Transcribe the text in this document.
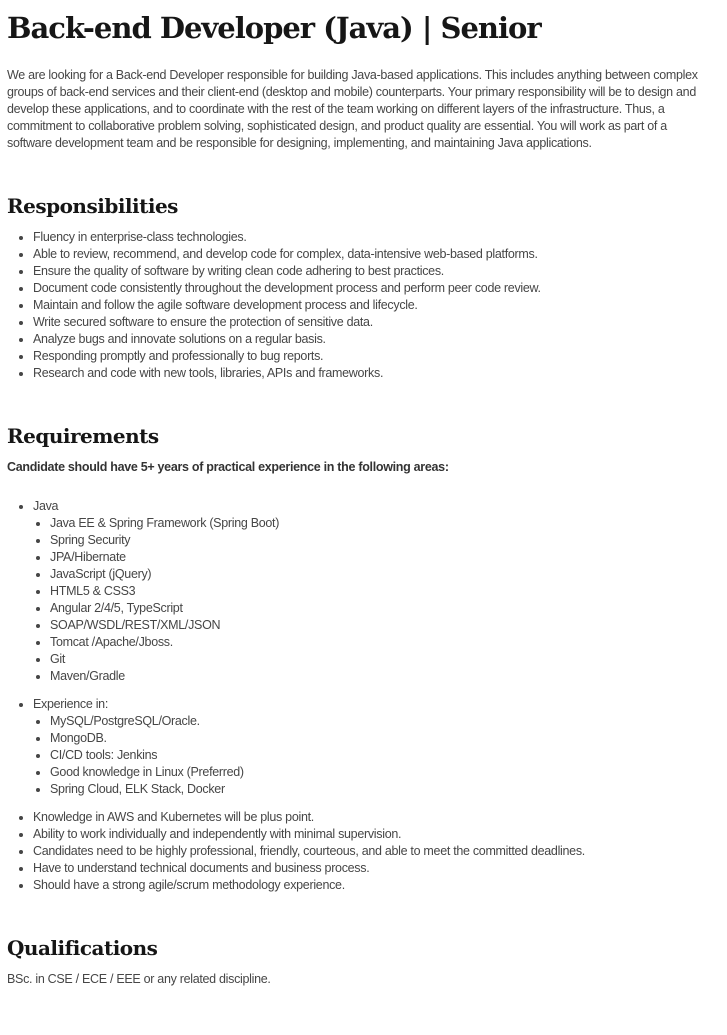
Back-end Developer (Java) | Senior

We are looking for a Back-end Developer responsible for building Java-based applications. This includes anything between complex groups of back-end services and their client-end (desktop and mobile) counterparts. Your primary responsibility will be to design and develop these applications, and to coordinate with the rest of the team working on different layers of the infrastructure. Thus, a commitment to collaborative problem solving, sophisticated design, and product quality are essential. You will work as part of a software development team and be responsible for designing, implementing, and maintaining Java applications.

Responsibilities
• Fluency in enterprise-class technologies.
• Able to review, recommend, and develop code for complex, data-intensive web-based platforms.
• Ensure the quality of software by writing clean code adhering to best practices.
• Document code consistently throughout the development process and perform peer code review.
• Maintain and follow the agile software development process and lifecycle.
• Write secured software to ensure the protection of sensitive data.
• Analyze bugs and innovate solutions on a regular basis.
• Responding promptly and professionally to bug reports.
• Research and code with new tools, libraries, APIs and frameworks.
Requirements

Candidate should have 5+ years of practical experience in the following areas:

• Java
• Java EE & Spring Framework (Spring Boot)
• Spring Security
• JPA/Hibernate
• JavaScript (jQuery)
• HTML5 & CSS3
• Angular 2/4/5, TypeScript
• SOAP/WSDL/REST/XML/JSON
• Tomcat /Apache/Jboss.
• Git
• Maven/Gradle
• Experience in:
• MySQL/PostgreSQL/Oracle.
• MongoDB.
• CI/CD tools: Jenkins
• Good knowledge in Linux (Preferred)
• Spring Cloud, ELK Stack, Docker
• Knowledge in AWS and Kubernetes will be plus point.
• Ability to work individually and independently with minimal supervision.
• Candidates need to be highly professional, friendly, courteous, and able to meet the committed deadlines.
• Have to understand technical documents and business process.
• Should have a strong agile/scrum methodology experience.
Qualifications

BSc. in CSE / ECE / EEE or any related discipline.
